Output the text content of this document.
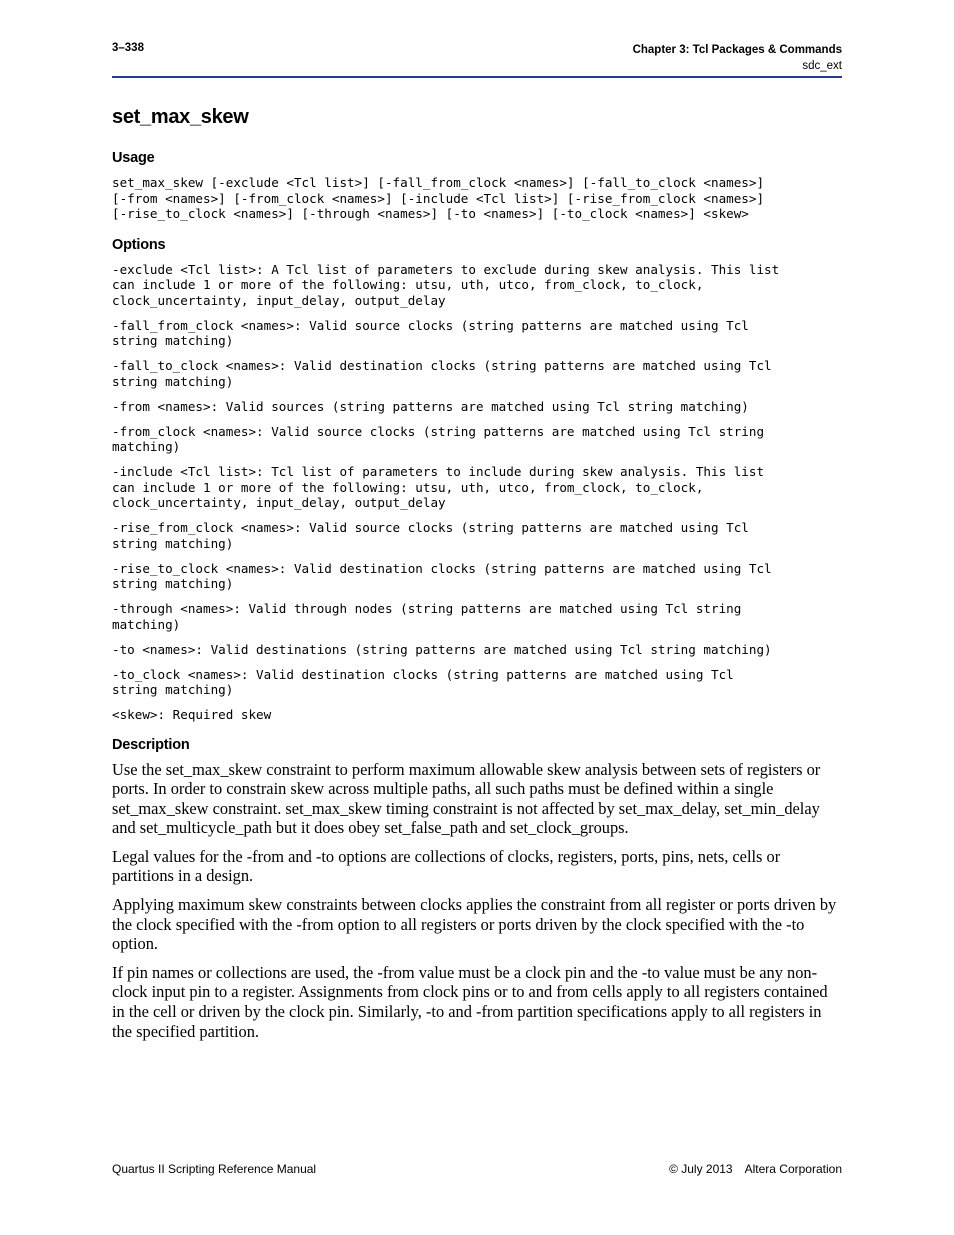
3–338	Chapter 3: Tcl Packages & Commands
sdc_ext
set_max_skew
Usage

set_max_skew [-exclude <Tcl list>] [-fall_from_clock <names>] [-fall_to_clock <names>]

[-from <names>] [-from_clock <names>] [-include <Tcl list>] [-rise_from_clock <names>]

[-rise_to_clock <names>] [-through <names>] [-to <names>] [-to_clock <names>] <skew>

Options

-exclude <Tcl list>: A Tcl list of parameters to exclude during skew analysis. This list
can include 1 or more of the following: utsu, uth, utco, from_clock, to_clock,
clock_uncertainty, input_delay, output_delay

-fall_from_clock <names>: Valid source clocks (string patterns are matched using Tcl
string matching)

-fall_to_clock <names>: Valid destination clocks (string patterns are matched using Tcl
string matching)

-from <names>: Valid sources (string patterns are matched using Tcl string matching)

-from_clock <names>: Valid source clocks (string patterns are matched using Tcl string
matching)

-include <Tcl list>: Tcl list of parameters to include during skew analysis. This list
can include 1 or more of the following: utsu, uth, utco, from_clock, to_clock,
clock_uncertainty, input_delay, output_delay

-rise_from_clock <names>: Valid source clocks (string patterns are matched using Tcl
string matching)

-rise_to_clock <names>: Valid destination clocks (string patterns are matched using Tcl
string matching)

-through <names>: Valid through nodes (string patterns are matched using Tcl string
matching)

-to <names>: Valid destinations (string patterns are matched using Tcl string matching)

-to_clock <names>: Valid destination clocks (string patterns are matched using Tcl
string matching)

<skew>: Required skew

Description

Use the set_max_skew constraint to perform maximum allowable skew analysis between sets of registers or ports. In order to constrain skew across multiple paths, all such paths must be defined within a single set_max_skew constraint. set_max_skew timing constraint is not affected by set_max_delay, set_min_delay and set_multicycle_path but it does obey set_false_path and set_clock_groups.

Legal values for the -from and -to options are collections of clocks, registers, ports, pins, nets, cells or partitions in a design.

Applying maximum skew constraints between clocks applies the constraint from all register or ports driven by the clock specified with the -from option to all registers or ports driven by the clock specified with the -to option.

If pin names or collections are used, the -from value must be a clock pin and the -to value must be any non-clock input pin to a register. Assignments from clock pins or to and from cells apply to all registers contained in the cell or driven by the clock pin. Similarly, -to and -from partition specifications apply to all registers in the specified partition.

Quartus II Scripting Reference Manual	© July 2013 Altera Corporation
